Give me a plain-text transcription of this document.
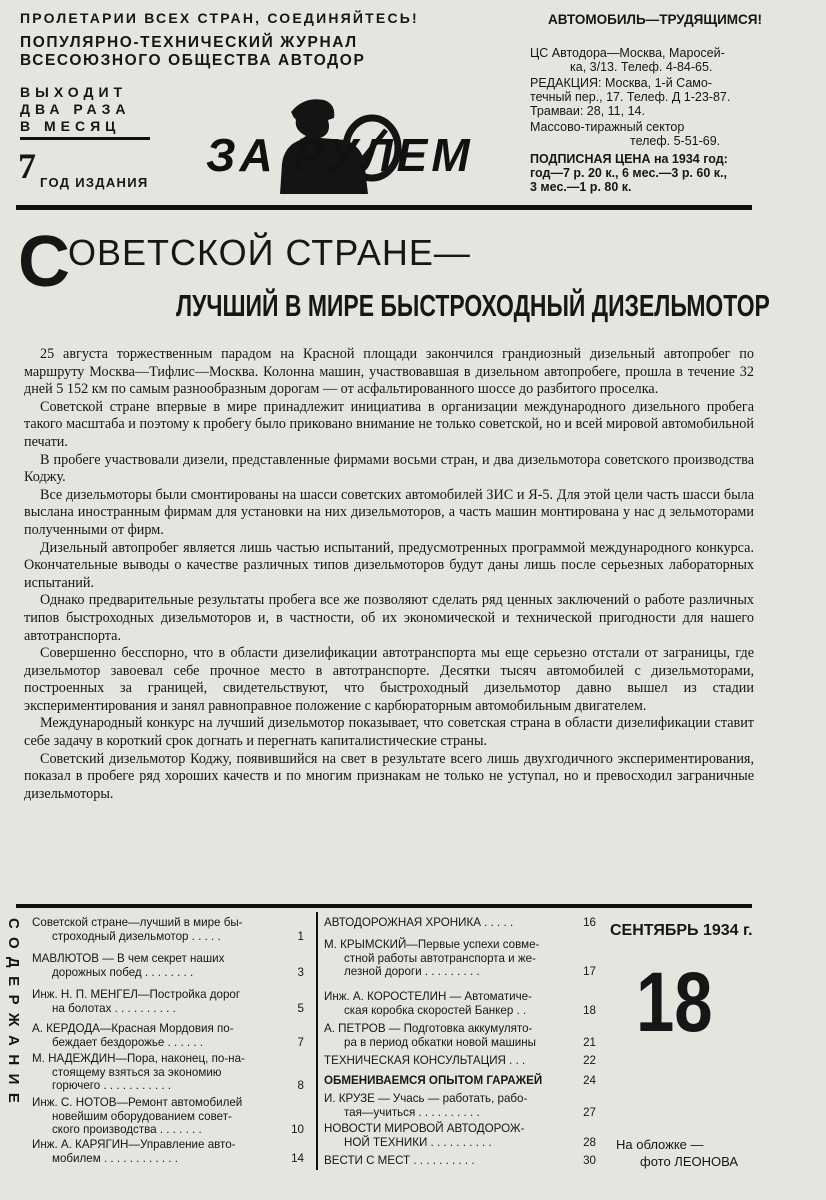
ПРОЛЕТАРИИ ВСЕХ СТРАН, СОЕДИНЯЙТЕСЬ!
ПОПУЛЯРНО-ТЕХНИЧЕСКИЙ ЖУРНАЛ
ВСЕСОЮЗНОГО ОБЩЕСТВА АВТОДОР
ВЫХОДИТ
ДВА РАЗА
В МЕСЯЦ
7 ГОД ИЗДАНИЯ
ЗА РУЛЕМ
АВТОМОБИЛЬ—ТРУДЯЩИМСЯ!
ЦС Автодора—Москва, Маросей-
ка, 3/13. Телеф. 4-84-65.
РЕДАКЦИЯ: Москва, 1-й Само-
течный пер., 17. Телеф. Д 1-23-87.
Трамваи: 28, 11, 14.
Массово-тиражный сектор
телеф. 5-51-69.
ПОДПИСНАЯ ЦЕНА на 1934 год:
год—7 р. 20 к., 6 мес.—3 р. 60 к.,
3 мес.—1 р. 80 к.
С
ОВЕТСКОЙ СТРАНЕ—
ЛУЧШИЙ В МИРЕ БЫСТРОХОДНЫЙ ДИЗЕЛЬМОТОР

25 августа торжественным парадом на Красной площади закончился грандиозный дизельный автопробег по маршруту Москва—Тифлис—Москва. Колонна машин, участвовавшая в дизельном автопробеге, прошла в течение 32 дней 5 152 км по самым разнообразным дорогам — от асфальтированного шоссе до разбитого проселка.

Советской стране впервые в мире принадлежит инициатива в организации международного дизельного пробега такого масштаба и поэтому к пробегу было приковано внимание не только советской, но и всей мировой автомобильной печати.

В пробеге участвовали дизели, представленные фирмами восьми стран, и два дизельмотора советского производства Коджу.

Все дизельмоторы были смонтированы на шасси советских автомобилей ЗИС и Я-5. Для этой цели часть шасси была выслана иностранным фирмам для установки на них дизельмоторов, а часть машин монтирована у нас д зельмоторами полученными от фирм.

Дизельный автопробег является лишь частью испытаний, предусмотренных программой международного конкурса. Окончательные выводы о качестве различных типов дизельмоторов будут даны лишь после серьезных лабораторных испытаний.

Однако предварительные результаты пробега все же позволяют сделать ряд ценных заключений о работе различных типов быстроходных дизельмоторов и, в частности, об их экономической и технической пригодности для нашего автотранспорта.

Совершенно бесспорно, что в области дизелификации автотранспорта мы еще серьезно отстали от заграницы, где дизельмотор завоевал себе прочное место в автотранспорте. Десятки тысяч автомобилей с дизельмоторами, построенных за границей, свидетельствуют, что быстроходный дизельмотор давно вышел из стадии экспериментирования и занял равноправное положение с карбюраторным автомобильным двигателем.

Международный конкурс на лучший дизельмотор показывает, что советская страна в области дизелификации ставит себе задачу в короткий срок догнать и перегнать капиталистические страны.

Советский дизельмотор Коджу, появившийся на свет в результате всего лишь двухгодичного экспериментирования, показал в пробеге ряд хороших качеств и по многим признакам не только не уступал, но и превосходил заграничные дизельмоторы.

СОДЕРЖАНИЕ Советской стране—лучший в мире бы-
строходный дизельмотор . . . . .	1
МАВЛЮТОВ — В чем секрет наших
дорожных побед . . . . . . . .	3
Инж. Н. П. МЕНГЕЛ—Постройка дорог
на болотах . . . . . . . . . .	5
А. КЕРДОДА—Красная Мордовия по-
беждает бездорожье . . . . . .	7
М. НАДЕЖДИН—Пора, наконец, по-на-
стоящему взяться за экономию
горючего . . . . . . . . . . .	8
Инж. С. НОТОВ—Ремонт автомобилей
новейшим оборудованием совет-
ского производства . . . . . . .	10
Инж. А. КАРЯГИН—Управление авто-
мобилем . . . . . . . . . . . .	14
АВТОДОРОЖНАЯ ХРОНИКА . . . . .	16
М. КРЫМСКИЙ—Первые успехи совме-
стной работы автотранспорта и же-
лезной дороги . . . . . . . . .	17
Инж. А. КОРОСТЕЛИН — Автоматиче-
ская коробка скоростей Банкер . .	18
А. ПЕТРОВ — Подготовка аккумулято-
ра в период обкатки новой машины	21
ТЕХНИЧЕСКАЯ КОНСУЛЬТАЦИЯ . . .	22
ОБМЕНИВАЕМСЯ ОПЫТОМ ГАРАЖЕЙ	24
И. КРУЗЕ — Учась — работать, рабо-
тая—учиться . . . . . . . . . .	27
НОВОСТИ МИРОВОЙ АВТОДОРОЖ-
НОЙ ТЕХНИКИ . . . . . . . . . .	28
ВЕСТИ С МЕСТ . . . . . . . . . .	30
СЕНТЯБРЬ 1934 г.
18
На обложке —
фото ЛЕОНОВА
